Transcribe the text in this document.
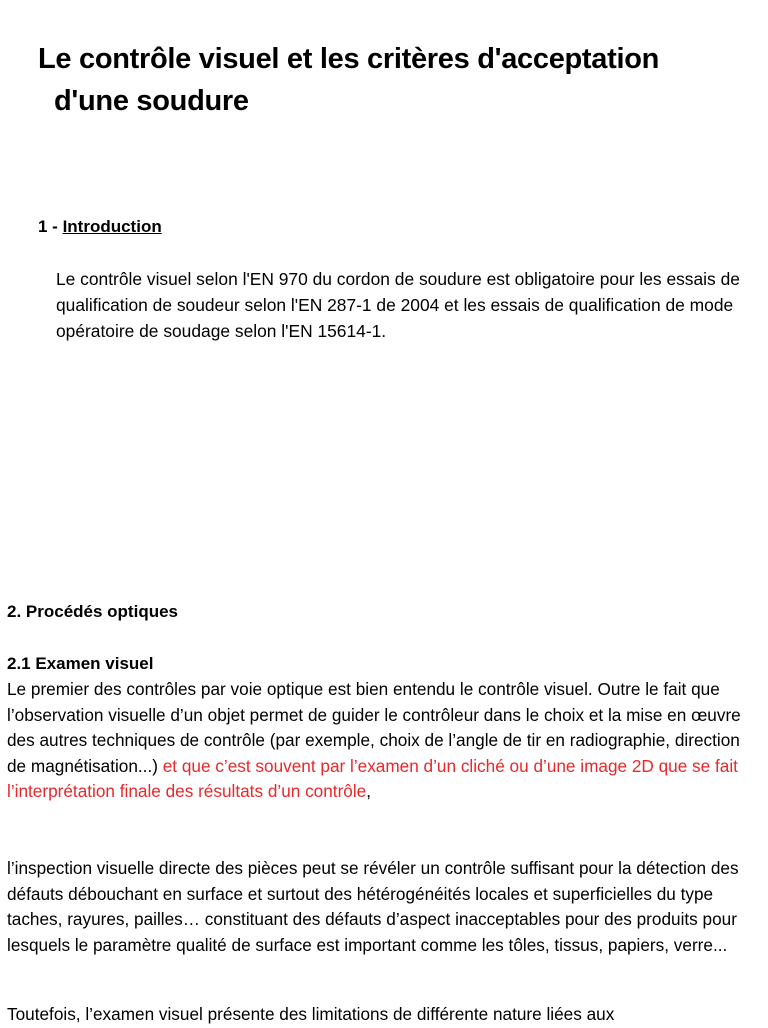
Le contrôle visuel et les critères d'acceptation
d'une soudure
1 - Introduction

Le contrôle visuel selon l'EN 970 du cordon de soudure est obligatoire pour les essais de qualification de soudeur selon l'EN 287-1 de 2004 et les essais de qualification de mode opératoire de soudage selon l'EN 15614-1.

2. Procédés optiques
2.1 Examen visuel

Le premier des contrôles par voie optique est bien entendu le contrôle visuel. Outre le fait que l’observation visuelle d’un objet permet de guider le contrôleur dans le choix et la mise en œuvre des autres techniques de contrôle (par exemple, choix de l’angle de tir en radiographie, direction de magnétisation...) et que c’est souvent par l’examen d’un cliché ou d’une image 2D que se fait l’interprétation finale des résultats d’un contrôle,

l’inspection visuelle directe des pièces peut se révéler un contrôle suffisant pour la détection des défauts débouchant en surface et surtout des hétérogénéités locales et superficielles du type taches, rayures, pailles… constituant des défauts d’aspect inacceptables pour des produits pour lesquels le paramètre qualité de surface est important comme les tôles, tissus, papiers, verre...

Toutefois, l’examen visuel présente des limitations de différente nature liées aux
